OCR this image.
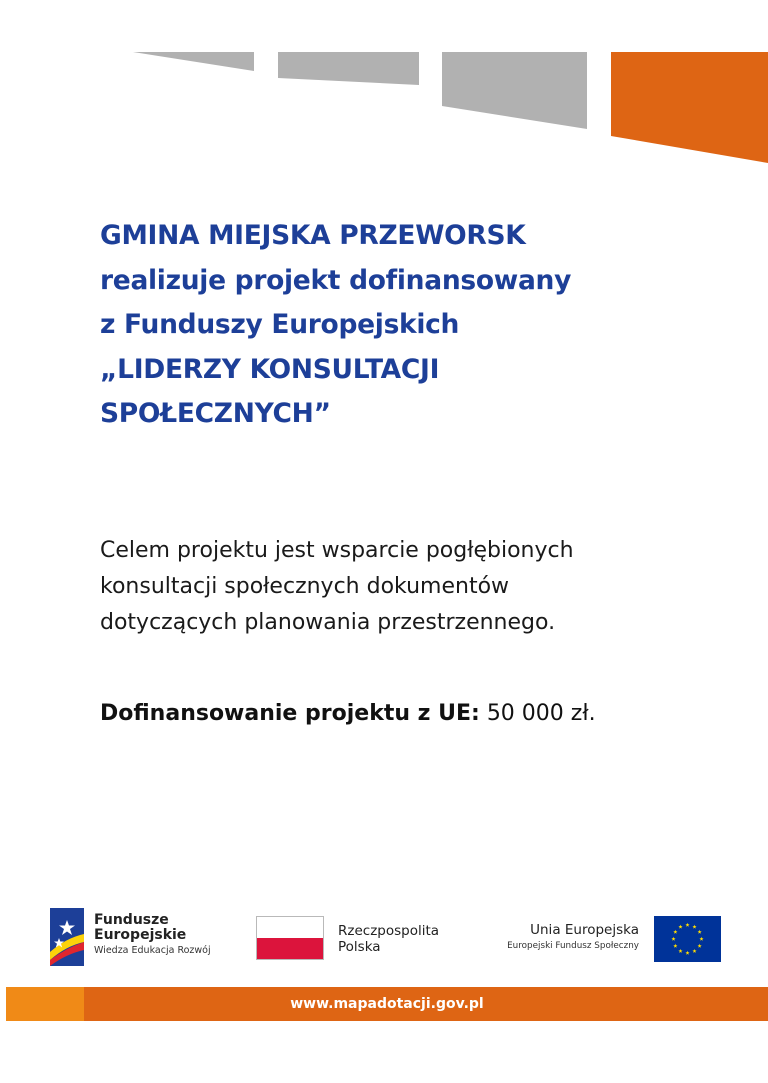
GMINA MIEJSKA PRZEWORSK
realizuje projekt dofinansowany
z Funduszy Europejskich
„LIDERZY KONSULTACJI
SPOŁECZNYCH”

Celem projektu jest wsparcie pogłębionych
konsultacji społecznych dokumentów
dotyczących planowania przestrzennego.

Dofinansowanie projektu z UE: 50 000 zł.

Fundusze
Europejskie
Wiedza Edukacja Rozwój
Rzeczpospolita
Polska
Unia Europejska
Europejski Fundusz Społeczny
www.mapadotacji.gov.pl
